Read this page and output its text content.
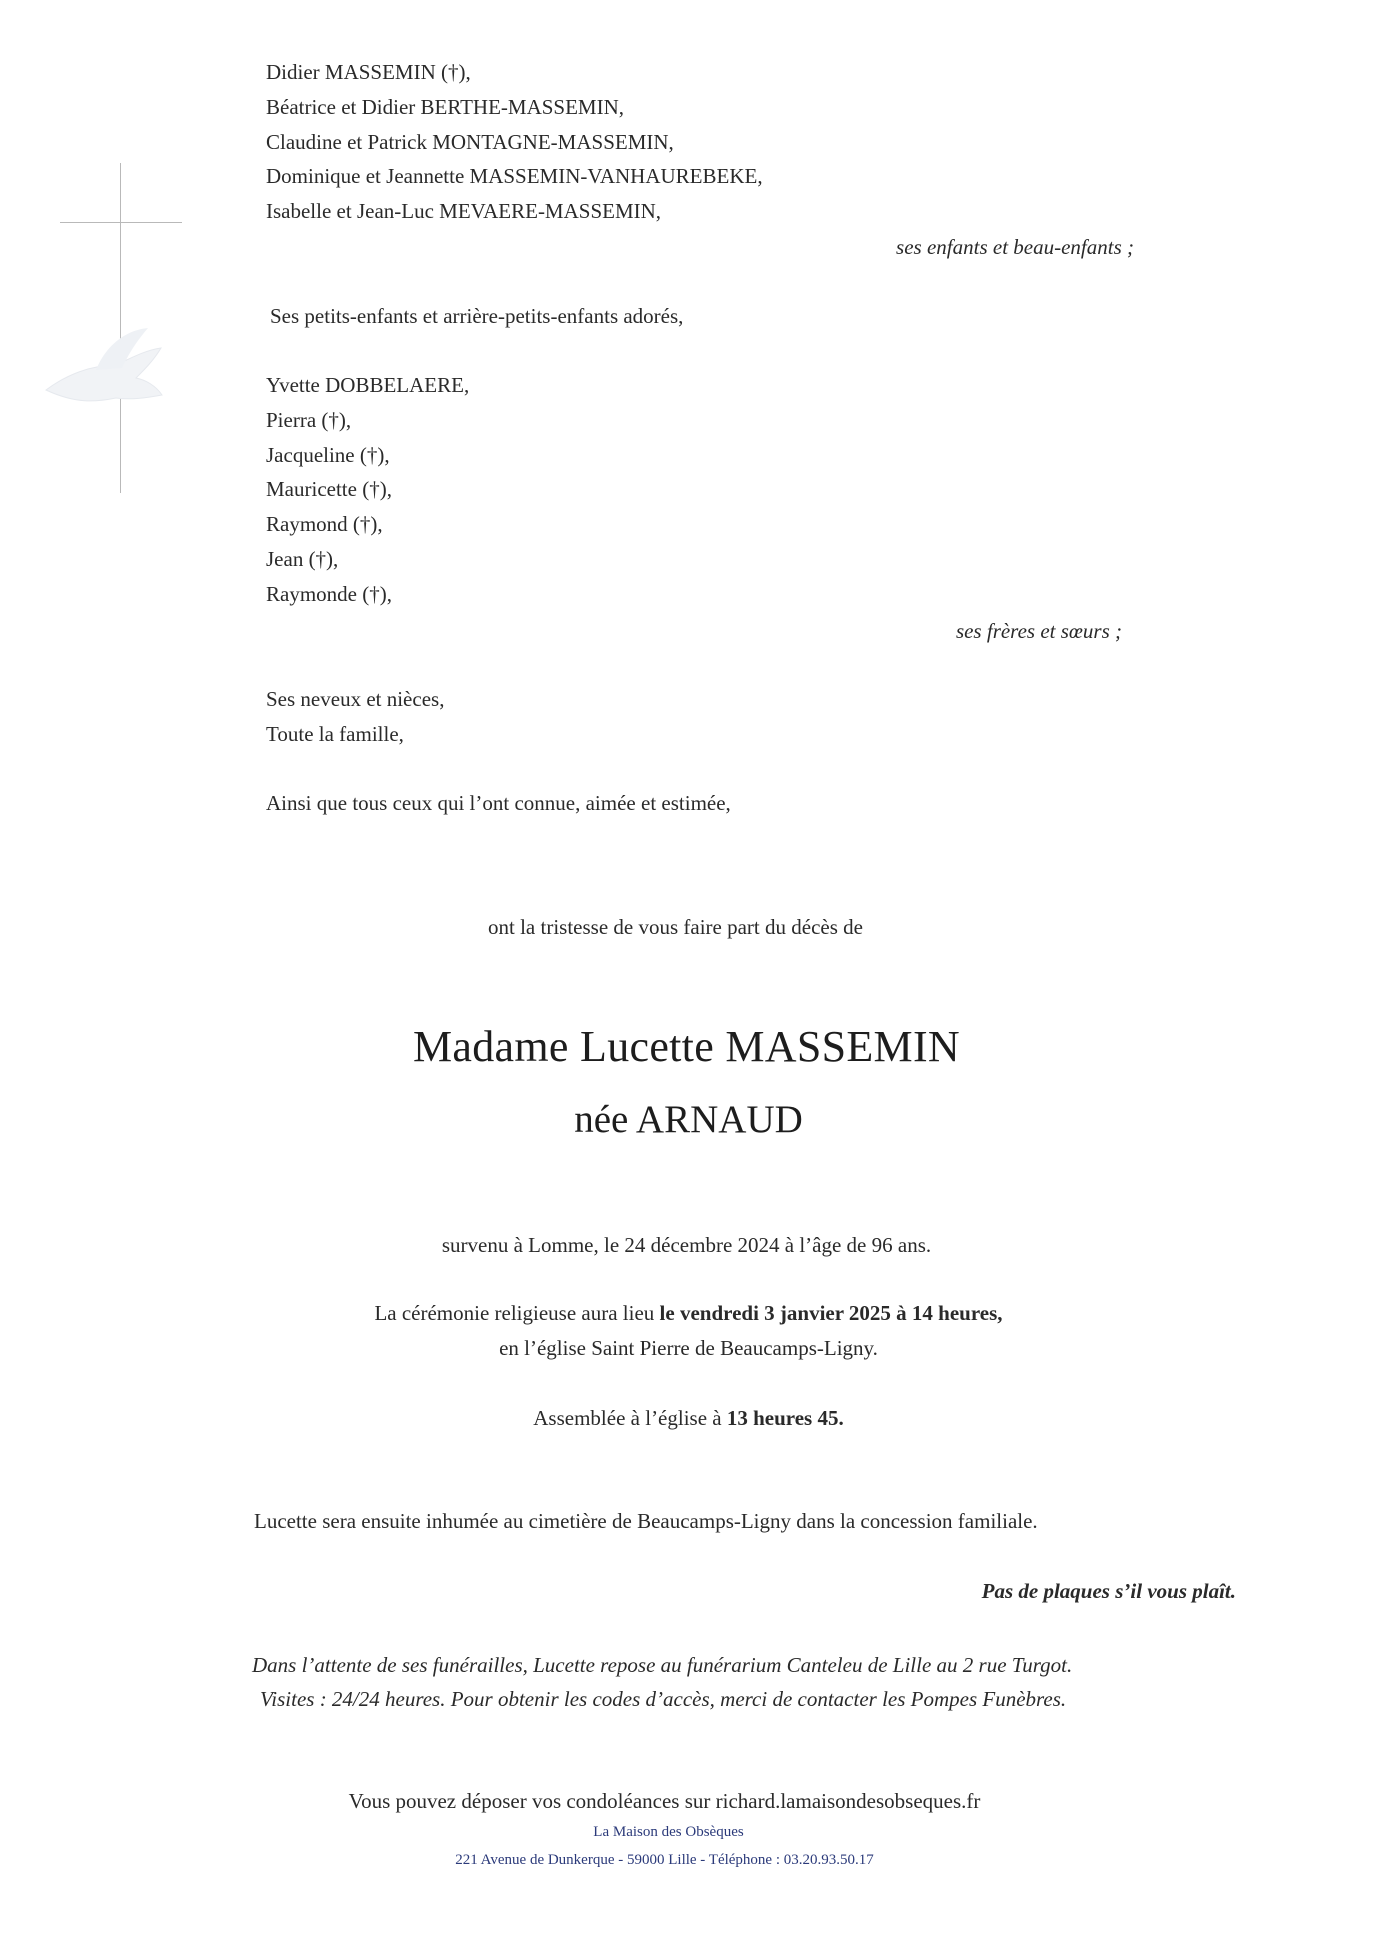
Didier MASSEMIN (†),
Béatrice et Didier BERTHE-MASSEMIN,
Claudine et Patrick MONTAGNE-MASSEMIN,
Dominique et Jeannette MASSEMIN-VANHAUREBEKE,
Isabelle et Jean-Luc MEVAERE-MASSEMIN,
ses enfants et beau-enfants ;
Ses petits-enfants et arrière-petits-enfants adorés,
Yvette DOBBELAERE,
Pierra (†),
Jacqueline (†),
Mauricette (†),
Raymond (†),
Jean (†),
Raymonde (†),
ses frères et sœurs ;
Ses neveux et nièces,
Toute la famille,
Ainsi que tous ceux qui l’ont connue, aimée et estimée,
ont la tristesse de vous faire part du décès de
Madame Lucette MASSEMIN
née ARNAUD
survenu à Lomme, le 24 décembre 2024 à l’âge de 96 ans.
La cérémonie religieuse aura lieu le vendredi 3 janvier 2025 à 14 heures,
en l’église Saint Pierre de Beaucamps-Ligny.
Assemblée à l’église à 13 heures 45.
Lucette sera ensuite inhumée au cimetière de Beaucamps-Ligny dans la concession familiale.
Pas de plaques s’il vous plaît.
Dans l’attente de ses funérailles, Lucette repose au funérarium Canteleu de Lille au 2 rue Turgot.
Visites : 24/24 heures. Pour obtenir les codes d’accès, merci de contacter les Pompes Funèbres.
Vous pouvez déposer vos condoléances sur richard.lamaisondesobseques.fr
La Maison des Obsèques
221 Avenue de Dunkerque - 59000 Lille - Téléphone : 03.20.93.50.17
